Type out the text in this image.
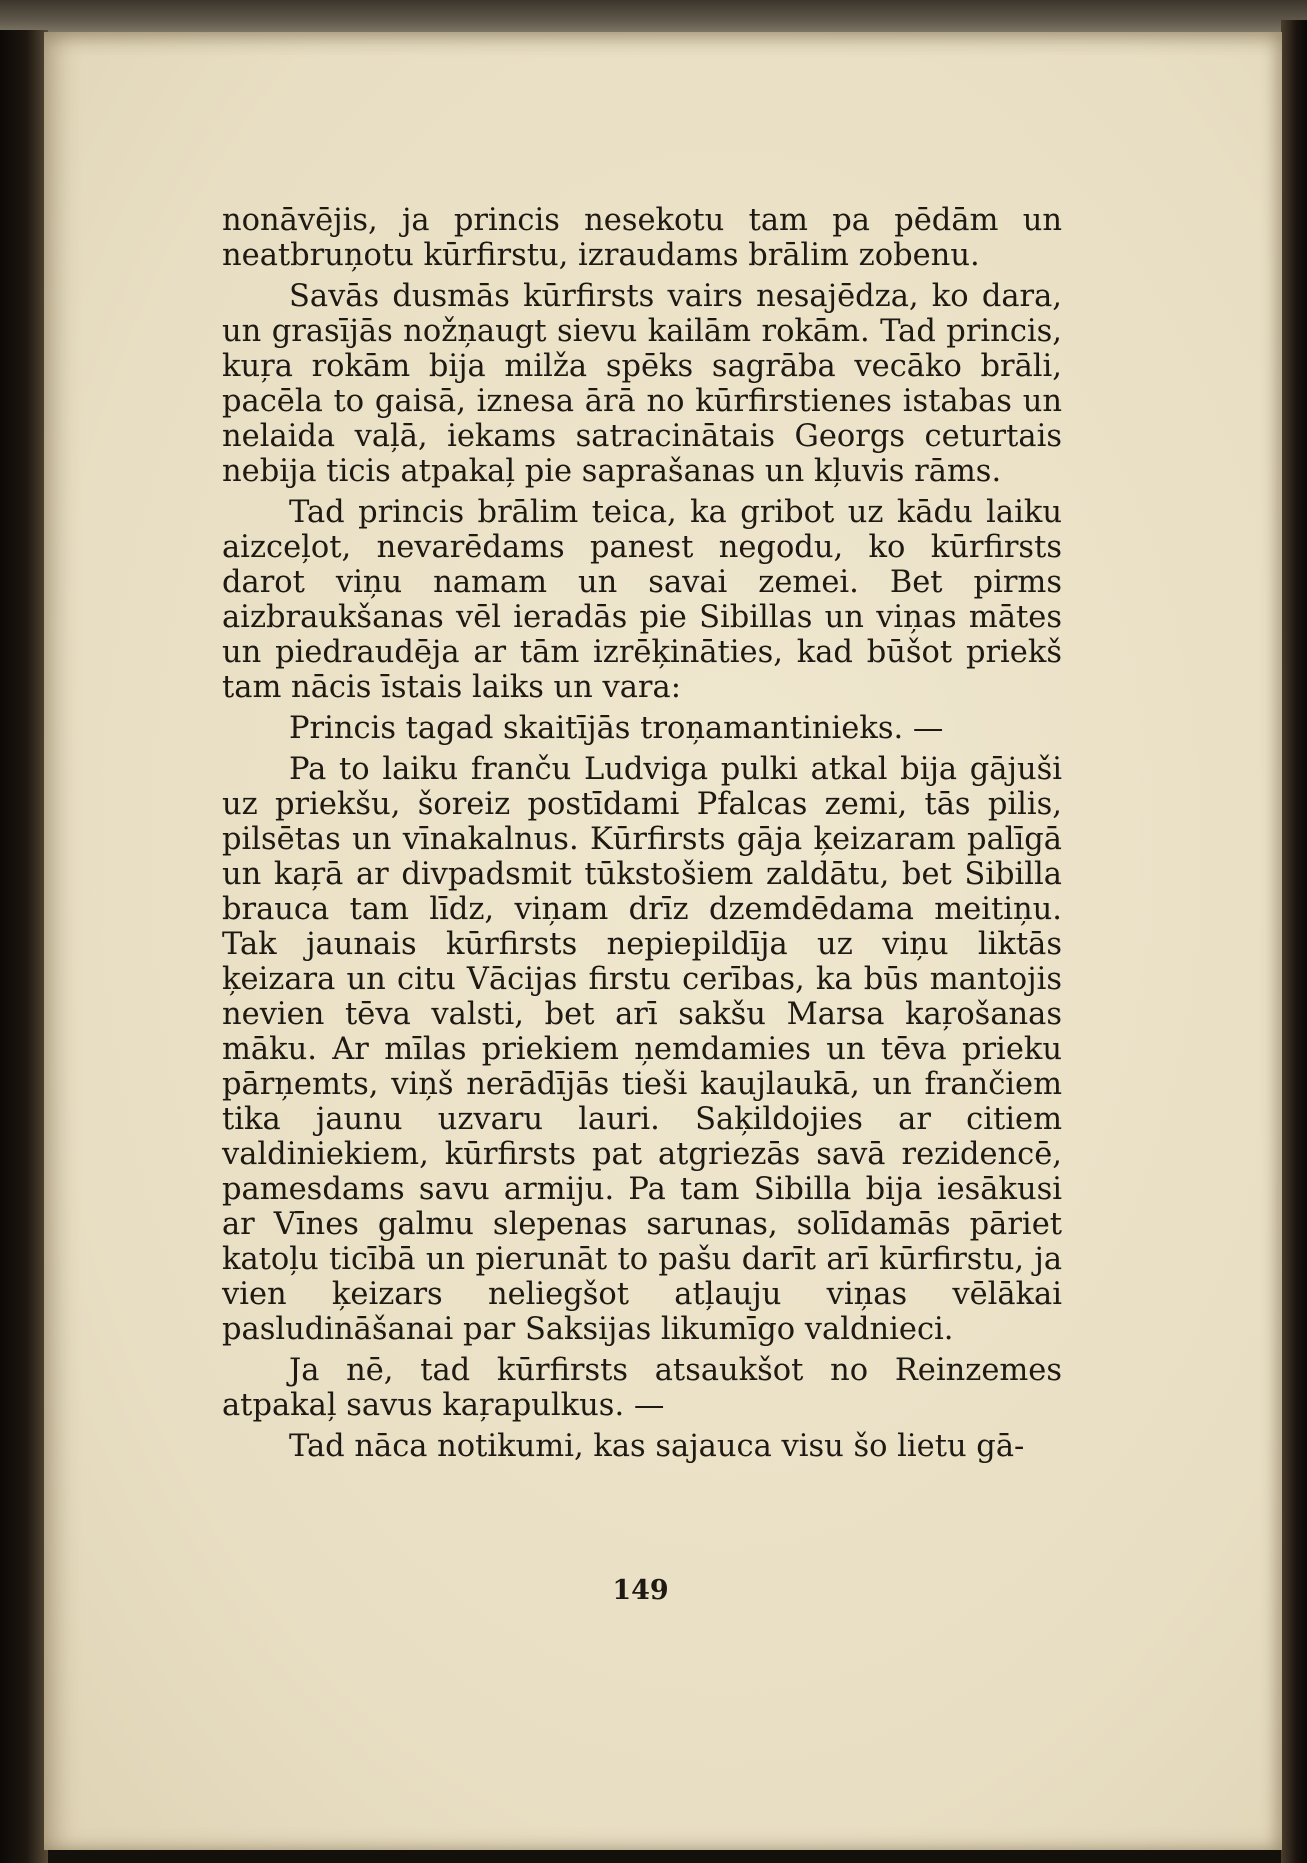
nonāvējis, ja princis nesekotu tam pa pēdām un neatbruņotu kūrfirstu, izraudams brālim zobenu.

Savās dusmās kūrfirsts vairs nesajēdza, ko dara, un grasījās nožņaugt sievu kailām rokām. Tad princis, kuŗa rokām bija milža spēks sagrāba vecāko brāli, pacēla to gaisā, iznesa ārā no kūrfirstienes istabas un nelaida vaļā, iekams satracinātais Georgs ceturtais nebija ticis atpakaļ pie saprašanas un kļuvis rāms.

Tad princis brālim teica, ka gribot uz kādu laiku aizceļot, nevarēdams panest negodu, ko kūrfirsts darot viņu namam un savai zemei. Bet pirms aizbraukšanas vēl ieradās pie Sibillas un viņas mātes un piedraudēja ar tām izrēķināties, kad būšot priekš tam nācis īstais laiks un vara:

Princis tagad skaitījās troņamantinieks. —

Pa to laiku franču Ludviga pulki atkal bija gājuši uz priekšu, šoreiz postīdami Pfalcas zemi, tās pilis, pilsētas un vīnakalnus. Kūrfirsts gāja ķeizaram palīgā un kaŗā ar divpadsmit tūkstošiem zaldātu, bet Sibilla brauca tam līdz, viņam drīz dzemdēdama meitiņu. Tak jaunais kūrfirsts nepiepildīja uz viņu liktās ķeizara un citu Vācijas firstu cerības, ka būs mantojis nevien tēva valsti, bet arī sakšu Marsa kaŗošanas māku. Ar mīlas priekiem ņemdamies un tēva prieku pārņemts, viņš nerādījās tieši kaujlaukā, un frančiem tika jaunu uzvaru lauri. Saķildojies ar citiem valdiniekiem, kūrfirsts pat atgriezās savā rezidencē, pamesdams savu armiju. Pa tam Sibilla bija iesākusi ar Vīnes galmu slepenas sarunas, solīdamās pāriet katoļu ticībā un pierunāt to pašu darīt arī kūrfirstu, ja vien ķeizars neliegšot atļauju viņas vēlākai pasludināšanai par Saksijas likumīgo valdnieci.

Ja nē, tad kūrfirsts atsaukšot no Reinzemes atpakaļ savus kaŗapulkus. —

Tad nāca notikumi, kas sajauca visu šo lietu gā-

149
